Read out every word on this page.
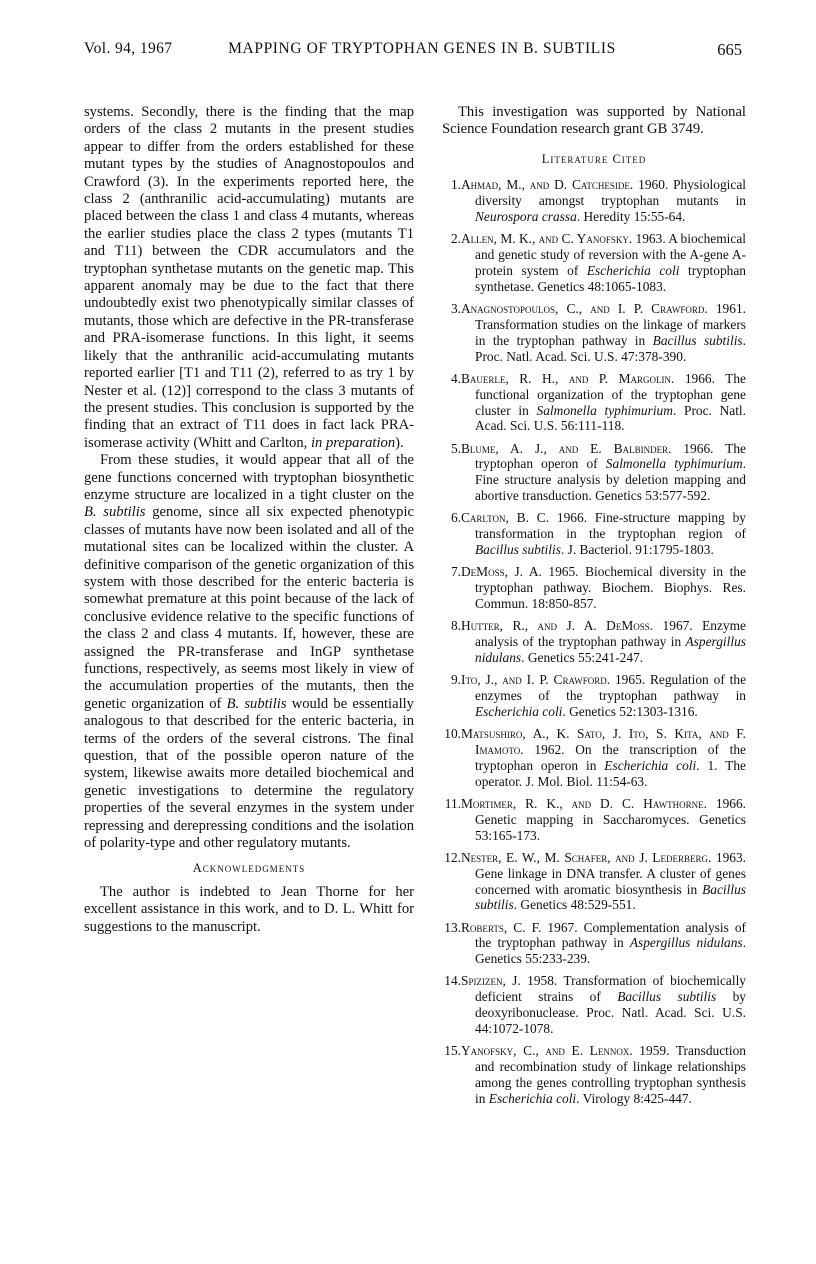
Vol. 94, 1967	MAPPING OF TRYPTOPHAN GENES IN B. SUBTILIS	665

systems. Secondly, there is the finding that the map orders of the class 2 mutants in the present studies appear to differ from the orders established for these mutant types by the studies of Anagnostopoulos and Crawford (3). In the experiments reported here, the class 2 (anthranilic acid-accumulating) mutants are placed between the class 1 and class 4 mutants, whereas the earlier studies place the class 2 types (mutants T1 and T11) between the CDR accumulators and the tryptophan synthetase mutants on the genetic map. This apparent anomaly may be due to the fact that there undoubtedly exist two phenotypically similar classes of mutants, those which are defective in the PR-transferase and PRA-isomerase functions. In this light, it seems likely that the anthranilic acid-accumulating mutants reported earlier [T1 and T11 (2), referred to as try 1 by Nester et al. (12)] correspond to the class 3 mutants of the present studies. This conclusion is supported by the finding that an extract of T11 does in fact lack PRA-isomerase activity (Whitt and Carlton, in preparation).

From these studies, it would appear that all of the gene functions concerned with tryptophan biosynthetic enzyme structure are localized in a tight cluster on the B. subtilis genome, since all six expected phenotypic classes of mutants have now been isolated and all of the mutational sites can be localized within the cluster. A definitive comparison of the genetic organization of this system with those described for the enteric bacteria is somewhat premature at this point because of the lack of conclusive evidence relative to the specific functions of the class 2 and class 4 mutants. If, however, these are assigned the PR-transferase and InGP synthetase functions, respectively, as seems most likely in view of the accumulation properties of the mutants, then the genetic organization of B. subtilis would be essentially analogous to that described for the enteric bacteria, in terms of the orders of the several cistrons. The final question, that of the possible operon nature of the system, likewise awaits more detailed biochemical and genetic investigations to determine the regulatory properties of the several enzymes in the system under repressing and derepressing conditions and the isolation of polarity-type and other regulatory mutants.

Acknowledgments

The author is indebted to Jean Thorne for her excellent assistance in this work, and to D. L. Whitt for suggestions to the manuscript.

This investigation was supported by National Science Foundation research grant GB 3749.

Literature Cited
1. Ahmad, M., and D. Catcheside. 1960. Physiological diversity amongst tryptophan mutants in Neurospora crassa. Heredity 15:55-64.
2. Allen, M. K., and C. Yanofsky. 1963. A biochemical and genetic study of reversion with the A-gene A-protein system of Escherichia coli tryptophan synthetase. Genetics 48:1065-1083.
3. Anagnostopoulos, C., and I. P. Crawford. 1961. Transformation studies on the linkage of markers in the tryptophan pathway in Bacillus subtilis. Proc. Natl. Acad. Sci. U.S. 47:378-390.
4. Bauerle, R. H., and P. Margolin. 1966. The functional organization of the tryptophan gene cluster in Salmonella typhimurium. Proc. Natl. Acad. Sci. U.S. 56:111-118.
5. Blume, A. J., and E. Balbinder. 1966. The tryptophan operon of Salmonella typhimurium. Fine structure analysis by deletion mapping and abortive transduction. Genetics 53:577-592.
6. Carlton, B. C. 1966. Fine-structure mapping by transformation in the tryptophan region of Bacillus subtilis. J. Bacteriol. 91:1795-1803.
7. DeMoss, J. A. 1965. Biochemical diversity in the tryptophan pathway. Biochem. Biophys. Res. Commun. 18:850-857.
8. Hutter, R., and J. A. DeMoss. 1967. Enzyme analysis of the tryptophan pathway in Aspergillus nidulans. Genetics 55:241-247.
9. Ito, J., and I. P. Crawford. 1965. Regulation of the enzymes of the tryptophan pathway in Escherichia coli. Genetics 52:1303-1316.
10. Matsushiro, A., K. Sato, J. Ito, S. Kita, and F. Imamoto. 1962. On the transcription of the tryptophan operon in Escherichia coli. 1. The operator. J. Mol. Biol. 11:54-63.
11. Mortimer, R. K., and D. C. Hawthorne. 1966. Genetic mapping in Saccharomyces. Genetics 53:165-173.
12. Nester, E. W., M. Schafer, and J. Lederberg. 1963. Gene linkage in DNA transfer. A cluster of genes concerned with aromatic biosynthesis in Bacillus subtilis. Genetics 48:529-551.
13. Roberts, C. F. 1967. Complementation analysis of the tryptophan pathway in Aspergillus nidulans. Genetics 55:233-239.
14. Spizizen, J. 1958. Transformation of biochemically deficient strains of Bacillus subtilis by deoxyribonuclease. Proc. Natl. Acad. Sci. U.S. 44:1072-1078.
15. Yanofsky, C., and E. Lennox. 1959. Transduction and recombination study of linkage relationships among the genes controlling tryptophan synthesis in Escherichia coli. Virology 8:425-447.
